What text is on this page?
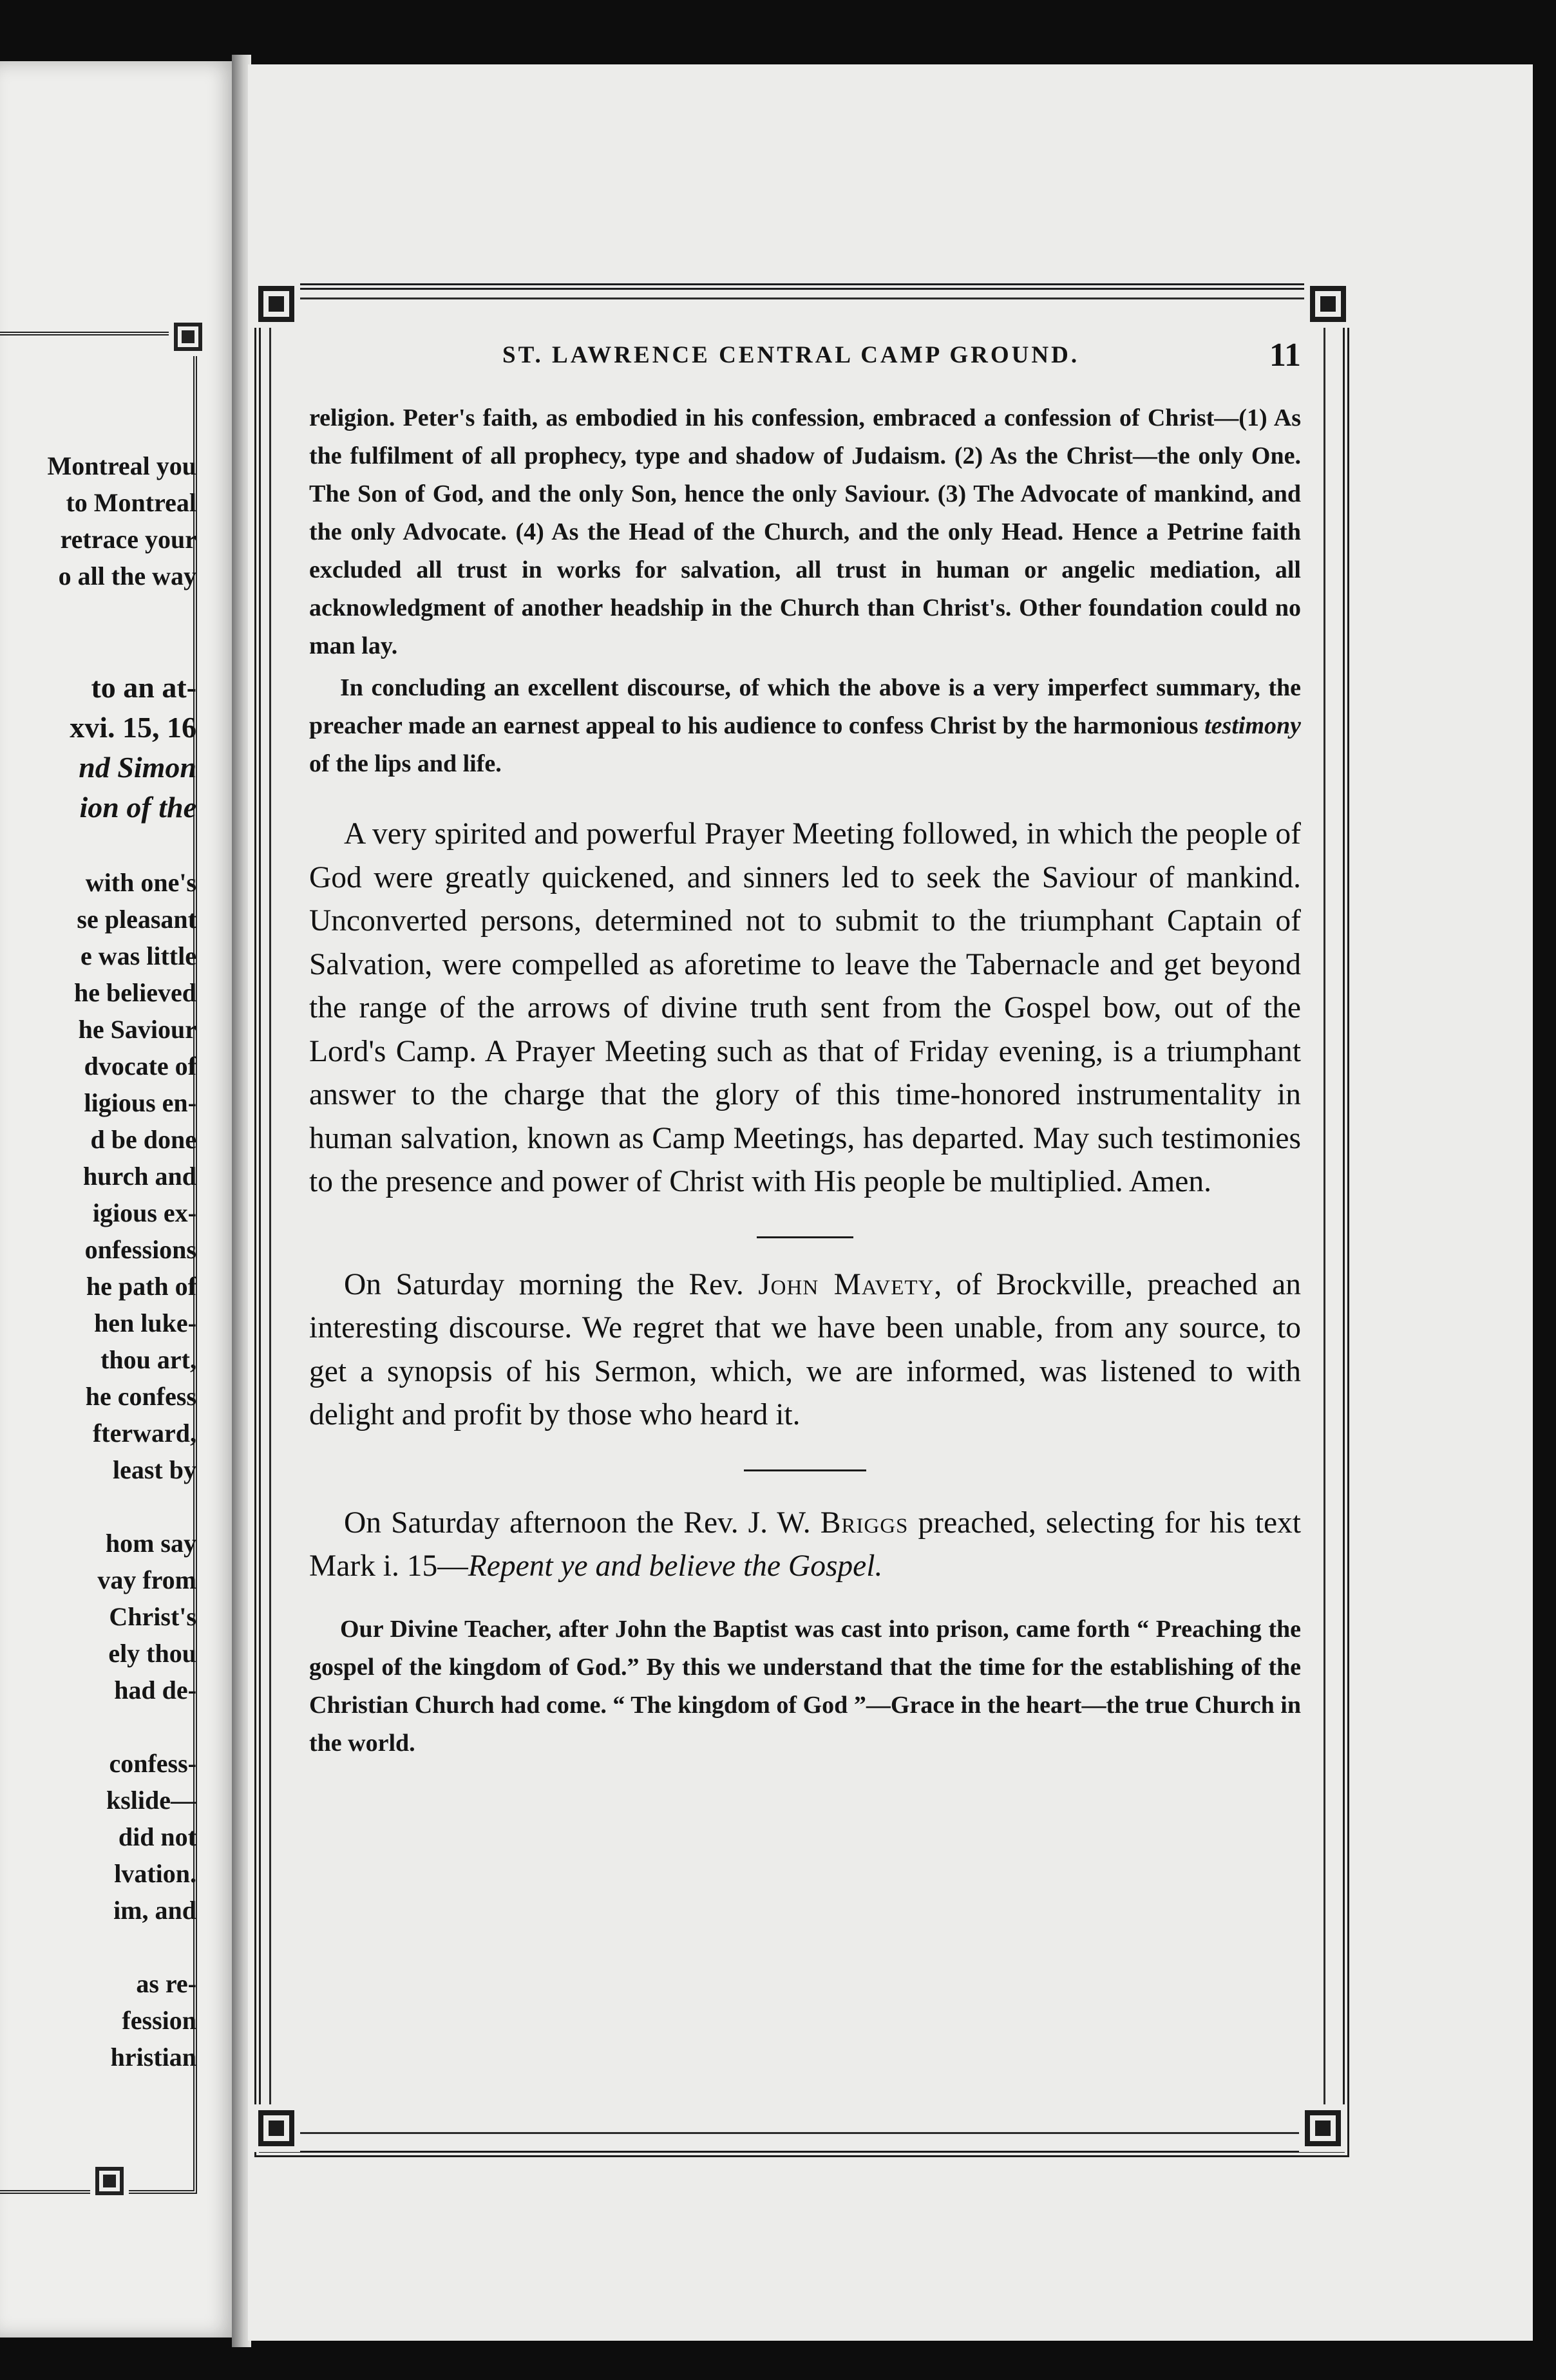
Montreal you
to Montreal
retrace your
o all the way
to an at-
xvi. 15, 16
nd Simon
ion of the
with one's
se pleasant
e was little
he believed
he Saviour
dvocate of
ligious en-
d be done
hurch and
igious ex-
onfessions
he path of
hen luke-
thou art,
he confess
fterward,
least by
hom say
vay from
Christ's
ely thou
had de-
confess-
kslide—
did not
lvation.
im, and
as re-
fession
hristian
ST. LAWRENCE CENTRAL CAMP GROUND.	11

religion. Peter's faith, as embodied in his confession, embraced a confession of Christ—(1) As the fulfilment of all prophecy, type and shadow of Judaism. (2) As the Christ—the only One. The Son of God, and the only Son, hence the only Saviour. (3) The Advocate of mankind, and the only Advocate. (4) As the Head of the Church, and the only Head. Hence a Petrine faith excluded all trust in works for salvation, all trust in human or angelic mediation, all acknowledgment of another headship in the Church than Christ's. Other foundation could no man lay.

In concluding an excellent discourse, of which the above is a very imperfect summary, the preacher made an earnest appeal to his audience to confess Christ by the harmonious testimony of the lips and life.

A very spirited and powerful Prayer Meeting followed, in which the people of God were greatly quickened, and sinners led to seek the Saviour of mankind. Unconverted persons, determined not to submit to the triumphant Captain of Salvation, were compelled as aforetime to leave the Tabernacle and get beyond the range of the arrows of divine truth sent from the Gospel bow, out of the Lord's Camp. A Prayer Meeting such as that of Friday evening, is a triumphant answer to the charge that the glory of this time-honored instrumentality in human salvation, known as Camp Meetings, has departed. May such testimonies to the presence and power of Christ with His people be multiplied. Amen.

On Saturday morning the Rev. John Mavety, of Brockville, preached an interesting discourse. We regret that we have been unable, from any source, to get a synopsis of his Sermon, which, we are informed, was listened to with delight and profit by those who heard it.

On Saturday afternoon the Rev. J. W. Briggs preached, selecting for his text Mark i. 15—Repent ye and believe the Gospel.

Our Divine Teacher, after John the Baptist was cast into prison, came forth “ Preaching the gospel of the kingdom of God.” By this we understand that the time for the establishing of the Christian Church had come. “ The kingdom of God ”—Grace in the heart—the true Church in the world.
